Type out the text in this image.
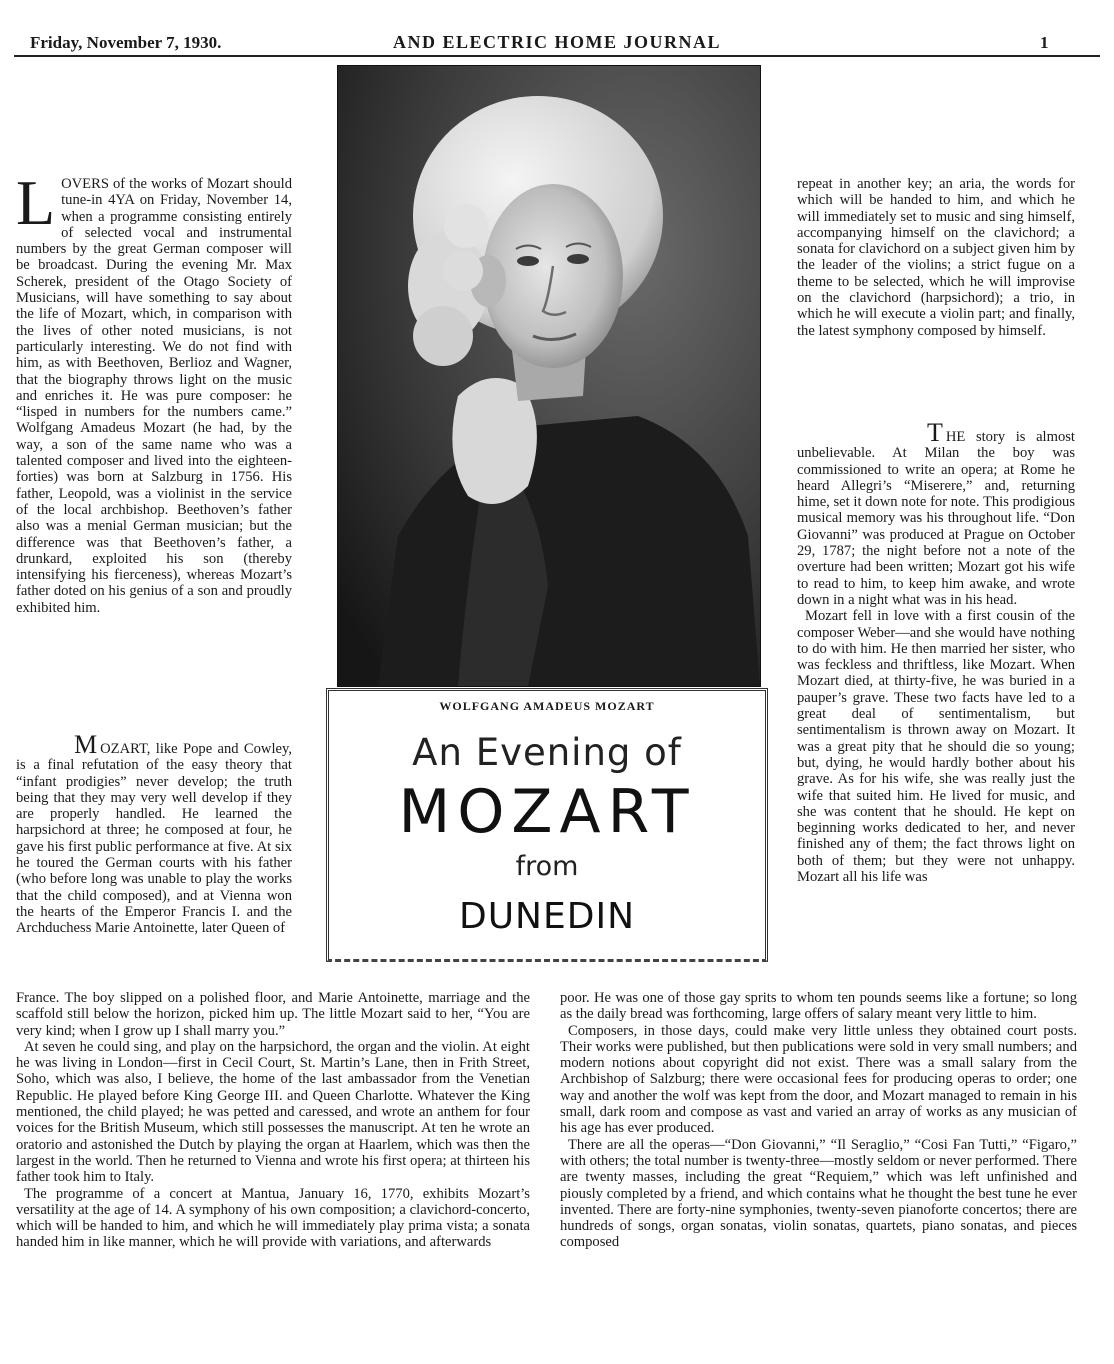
Friday, November 7, 1930.	AND ELECTRIC HOME JOURNAL	1

LOVERS of the works of Mozart should tune-in 4YA on Friday, November 14, when a programme consisting entirely of selected vocal and instrumental numbers by the great German composer will be broadcast. During the evening Mr. Max Scherek, president of the Otago Society of Musicians, will have something to say about the life of Mozart, which, in comparison with the lives of other noted musicians, is not particularly interesting. We do not find with him, as with Beethoven, Berlioz and Wagner, that the biography throws light on the music and enriches it. He was pure composer: he “lisped in numbers for the numbers came.” Wolfgang Amadeus Mozart (he had, by the way, a son of the same name who was a talented composer and lived into the eighteen-forties) was born at Salzburg in 1756. His father, Leopold, was a violinist in the service of the local archbishop. Beethoven’s father also was a menial German musician; but the difference was that Beethoven’s father, a drunkard, exploited his son (thereby intensifying his fierceness), whereas Mozart’s father doted on his genius of a son and proudly exhibited him.

MOZART, like Pope and Cowley, is a final refutation of the easy theory that “infant prodigies” never develop; the truth being that they may very well develop if they are properly handled. He learned the harpsichord at three; he composed at four, he gave his first public performance at five. At six he toured the German courts with his father (who before long was unable to play the works that the child composed), and at Vienna won the hearts of the Emperor Francis I. and the Archduchess Marie Antoinette, later Queen of

WOLFGANG AMADEUS MOZART
An Evening of
MOZART
from
DUNEDIN

repeat in another key; an aria, the words for which will be handed to him, and which he will immediately set to music and sing himself, accompanying himself on the clavichord; a sonata for clavichord on a subject given him by the leader of the violins; a strict fugue on a theme to be selected, which he will improvise on the clavichord (harpsichord); a trio, in which he will execute a violin part; and finally, the latest symphony composed by himself.

THE story is almost unbelievable. At Milan the boy was commissioned to write an opera; at Rome he heard Allegri’s “Miserere,” and, returning hime, set it down note for note. This prodigious musical memory was his throughout life. “Don Giovanni” was produced at Prague on October 29, 1787; the night before not a note of the overture had been written; Mozart got his wife to read to him, to keep him awake, and wrote down in a night what was in his head.

Mozart fell in love with a first cousin of the composer Weber—and she would have nothing to do with him. He then married her sister, who was feckless and thriftless, like Mozart. When Mozart died, at thirty-five, he was buried in a pauper’s grave. These two facts have led to a great deal of sentimentalism, but sentimentalism is thrown away on Mozart. It was a great pity that he should die so young; but, dying, he would hardly bother about his grave. As for his wife, she was really just the wife that suited him. He lived for music, and she was content that he should. He kept on beginning works dedicated to her, and never finished any of them; the fact throws light on both of them; but they were not unhappy. Mozart all his life was

France. The boy slipped on a polished floor, and Marie Antoinette, marriage and the scaffold still below the horizon, picked him up. The little Mozart said to her, “You are very kind; when I grow up I shall marry you.”

At seven he could sing, and play on the harpsichord, the organ and the violin. At eight he was living in London—first in Cecil Court, St. Martin’s Lane, then in Frith Street, Soho, which was also, I believe, the home of the last ambassador from the Venetian Republic. He played before King George III. and Queen Charlotte. Whatever the King mentioned, the child played; he was petted and caressed, and wrote an anthem for four voices for the British Museum, which still possesses the manuscript. At ten he wrote an oratorio and astonished the Dutch by playing the organ at Haarlem, which was then the largest in the world. Then he returned to Vienna and wrote his first opera; at thirteen his father took him to Italy.

The programme of a concert at Mantua, January 16, 1770, exhibits Mozart’s versatility at the age of 14. A symphony of his own composition; a clavichord-concerto, which will be handed to him, and which he will immediately play prima vista; a sonata handed him in like manner, which he will provide with variations, and afterwards

poor. He was one of those gay sprits to whom ten pounds seems like a fortune; so long as the daily bread was forthcoming, large offers of salary meant very little to him.

Composers, in those days, could make very little unless they obtained court posts. Their works were published, but then publications were sold in very small numbers; and modern notions about copyright did not exist. There was a small salary from the Archbishop of Salzburg; there were occasional fees for producing operas to order; one way and another the wolf was kept from the door, and Mozart managed to remain in his small, dark room and compose as vast and varied an array of works as any musician of his age has ever produced.

There are all the operas—“Don Giovanni,” “Il Seraglio,” “Cosi Fan Tutti,” “Figaro,” with others; the total number is twenty-three—mostly seldom or never performed. There are twenty masses, including the great “Requiem,” which was left unfinished and piously completed by a friend, and which contains what he thought the best tune he ever invented. There are forty-nine symphonies, twenty-seven pianoforte concertos; there are hundreds of songs, organ sonatas, violin sonatas, quartets, piano sonatas, and pieces composed
